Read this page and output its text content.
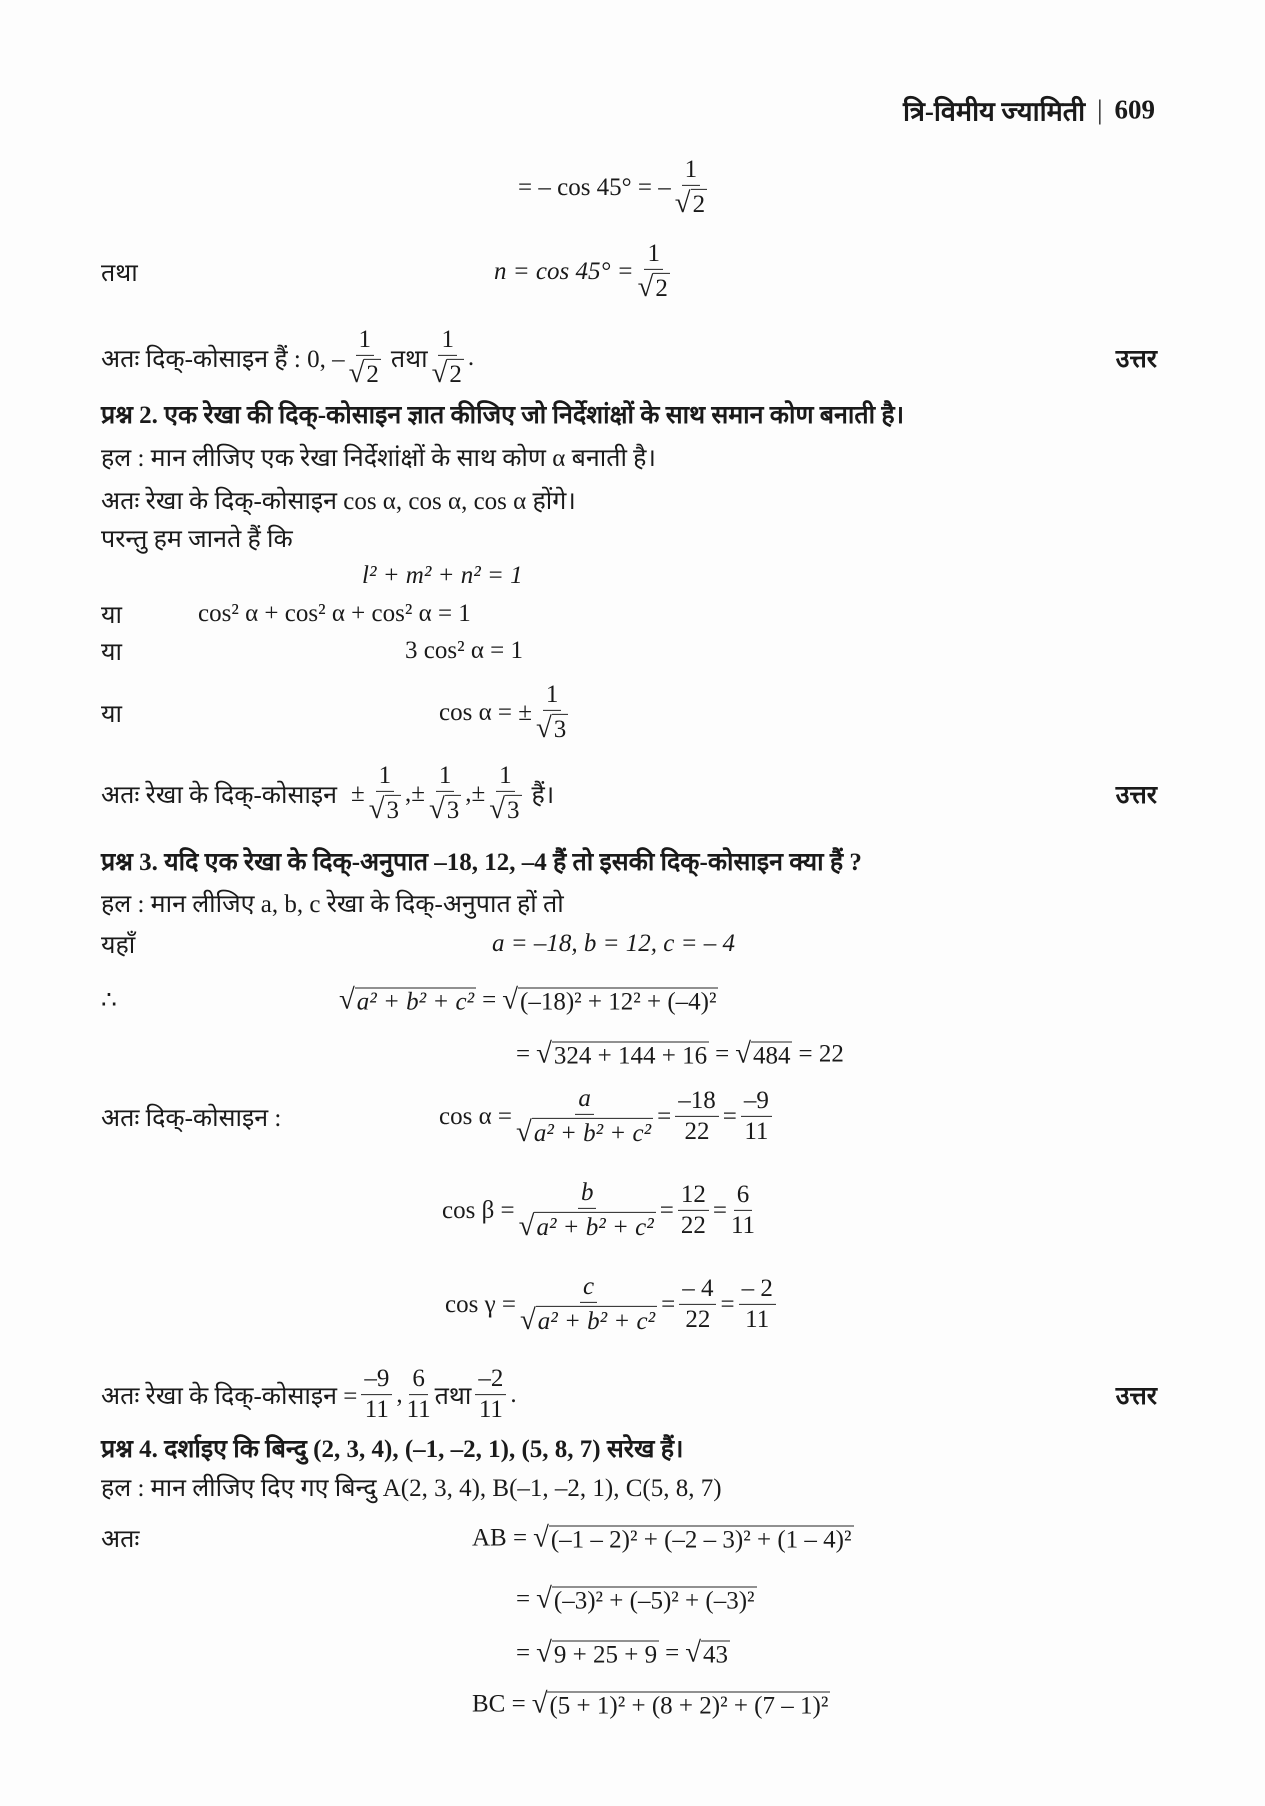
त्रि-विमीय ज्यामिती | 609
= – cos 45° = –
1
√ 2
तथा	$n = \cos 45^\circ = \frac{1}{√ 2}$
अतः दिक्-कोसाइन हैं : 0, –
1
√ 2
तथा
1
√ 2
.	उत्तर
प्रश्न 2. एक रेखा की दिक्-कोसाइन ज्ञात कीजिए जो निर्देशांक्षों के साथ समान कोण बनाती है।
हल : मान लीजिए एक रेखा निर्देशांक्षों के साथ कोण α बनाती है।
अतः रेखा के दिक्-कोसाइन cos α, cos α, cos α होंगे।
परन्तु हम जानते हैं कि
l² + m² + n² = 1
या	cos² α + cos² α + cos² α = 1
या	3 cos² α = 1
या	cos α = ± $\frac{1}{√ 3}$
अतः रेखा के दिक्-कोसाइन ± $\frac{1}{√ 3}$ , ± $\frac{1}{√ 3}$ , ± $\frac{1}{√ 3}$ हैं।	उत्तर
प्रश्न 3. यदि एक रेखा के दिक्-अनुपात –18, 12, –4 हैं तो इसकी दिक्-कोसाइन क्या हैं ?
हल : मान लीजिए a, b, c रेखा के दिक्-अनुपात हों तो
यहाँ	a = –18, b = 12, c = – 4
∴	√ a² + b² + c² = √ (–18)² + 12² + (–4)²
= √ 324 + 144 + 16 = √ 484 = 22
अतः दिक्-कोसाइन :	$\cos \alpha = \frac{a}{\text{√ a² + b² + c²}} = \frac{-18}{22} = \frac{-9}{11}$
$\cos \beta = \frac{b}{\text{√ a² + b² + c²}} = \frac{12}{22} = \frac{6}{11}$
$\cos \gamma = \frac{c}{\text{√ a² + b² + c²}} = \frac{- 4}{22} = \frac{- 2}{11}$
अतः रेखा के दिक्-कोसाइन = $\frac{-9}{11}$ ,
6
11 तथा
–2
11
.	उत्तर
प्रश्न 4. दर्शाइए कि बिन्दु (2, 3, 4), (–1, –2, 1), (5, 8, 7) सरेख हैं।
हल : मान लीजिए दिए गए बिन्दु A(2, 3, 4), B(–1, –2, 1), C(5, 8, 7)
अतः	AB = √ (–1 – 2)² + (–2 – 3)² + (1 – 4)²
= √ (–3)² + (–5)² + (–3)²
= √ 9 + 25 + 9 = √ 43
BC = √ (5 + 1)² + (8 + 2)² + (7 – 1)²
